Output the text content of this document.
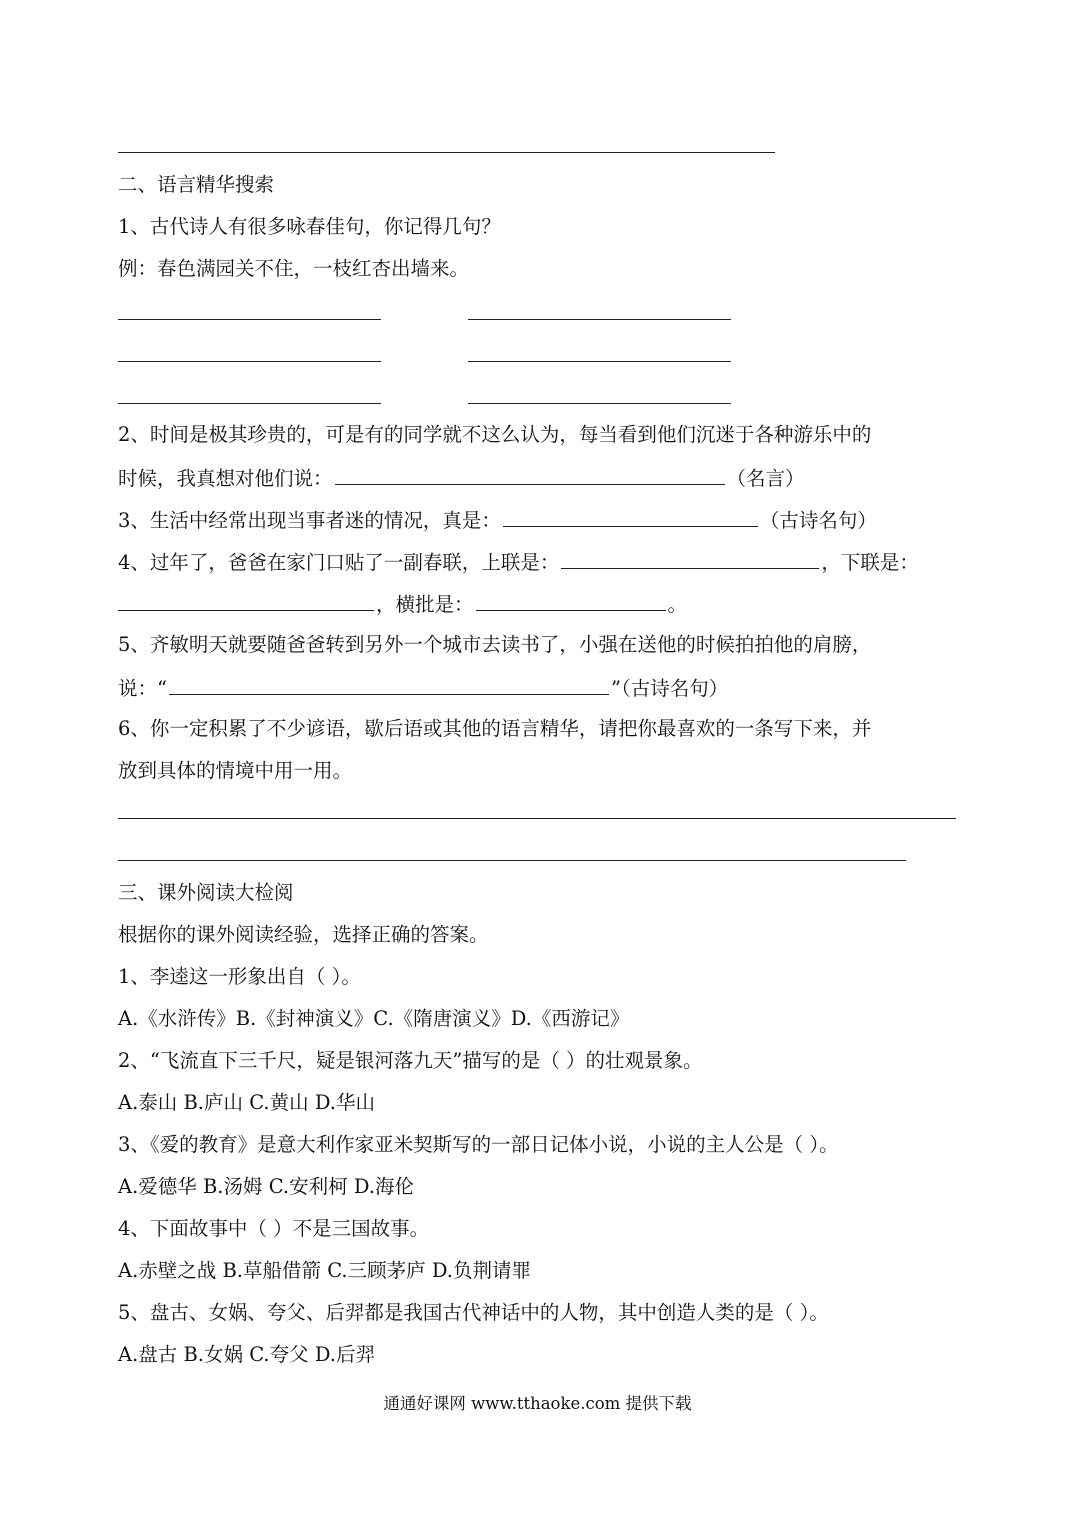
二、语言精华搜索
1、古代诗人有很多咏春佳句，你记得几句？
例：春色满园关不住，一枝红杏出墙来。
2、时间是极其珍贵的，可是有的同学就不这么认为，每当看到他们沉迷于各种游乐中的
时候，我真想对他们说：	（名言）
3、生活中经常出现当事者迷的情况，真是：	（古诗名句）
4、过年了，爸爸在家门口贴了一副春联，上联是：	，下联是：
，横批是：	。
5、齐敏明天就要随爸爸转到另外一个城市去读书了，小强在送他的时候拍拍他的肩膀，
说：“	”（古诗名句）
6、你一定积累了不少谚语，歇后语或其他的语言精华，请把你最喜欢的一条写下来，并
放到具体的情境中用一用。
三、课外阅读大检阅
根据你的课外阅读经验，选择正确的答案。
1、李逵这一形象出自（ ）。
A.《水浒传》B.《封神演义》C.《隋唐演义》D.《西游记》
2、“飞流直下三千尺，疑是银河落九天”描写的是（ ）的壮观景象。
A.泰山 B.庐山 C.黄山 D.华山
3、《爱的教育》是意大利作家亚米契斯写的一部日记体小说，小说的主人公是（ ）。
A.爱德华 B.汤姆 C.安利柯 D.海伦
4、下面故事中（ ）不是三国故事。
A.赤壁之战 B.草船借箭 C.三顾茅庐 D.负荆请罪
5、盘古、女娲、夸父、后羿都是我国古代神话中的人物，其中创造人类的是（ ）。
A.盘古 B.女娲 C.夸父 D.后羿
通通好课网 www.tthaoke.com 提供下载
